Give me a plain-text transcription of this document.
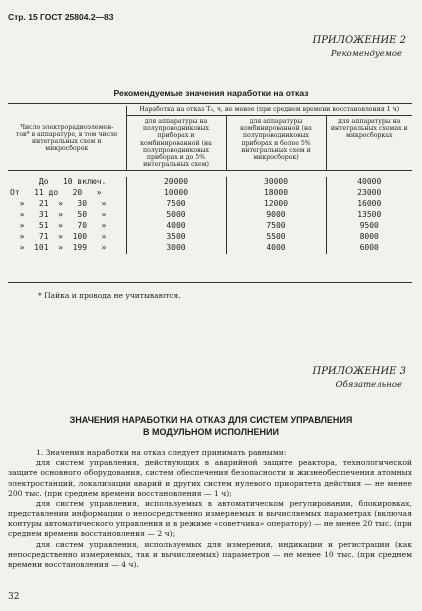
Стр. 15 ГОСТ 25804.2—83
ПРИЛОЖЕНИЕ 2
Рекомендуемое
Рекомендуемые значения наработки на отказ
Число электрорадиоэлемен-тов* в аппаратуре, в том числе интегральных схем и микросборок	Наработка на отказ T₀, ч, не менее (при среднем времени восстановления 1 ч)		
	для аппаратуры на полупроводниковых приборах и комбинированной (на полупроводниковых приборах и до 5% интегральных схем)	для аппаратуры комбинированной (на полупроводниковых приборах и более 5% интегральных схем и микросборок)	для аппаратуры на интегральных схемах и микросборках

До   10 включ.	20000	30000	40000
От   11 до   20   »	10000	18000	23000
»   21  »   30   »	7500	12000	16000
»   31  »   50   »	5000	9000	13500
»   51  »   70   »	4000	7500	9500
»   71  »  100   »	3500	5500	8000
»  101  »  199   »	3000	4000	6000
* Пайка и провода не учитываются.
ПРИЛОЖЕНИЕ 3
Обязательное
ЗНАЧЕНИЯ НАРАБОТКИ НА ОТКАЗ ДЛЯ СИСТЕМ УПРАВЛЕНИЯ
В МОДУЛЬНОМ ИСПОЛНЕНИИ
1. Значения наработки на отказ следует принимать равными:
для систем управления, действующих в аварийной защите реактора, технологической защите основного оборудования, систем обеспечения безопасности и жизнеобеспечения атомных электростанций, локализации аварий и других систем нулевого приоритета действия — не менее 200 тыс. (при среднем времени восстановления — 1 ч);
для систем управления, используемых в автоматическом регулировании, блокировках, представлении информации о непосредственно измеряемых и вычисляемых параметрах (включая контуры автоматического управления и в режиме «советчика» оператору) — не менее 20 тыс. (при среднем времени восстановления — 2 ч);
для систем управления, используемых для измерения, индикации и регистрации (как непосредственно измеряемых, так и вычисляемых) параметров — не менее 10 тыс. (при среднем времени восстановления — 4 ч).
32
